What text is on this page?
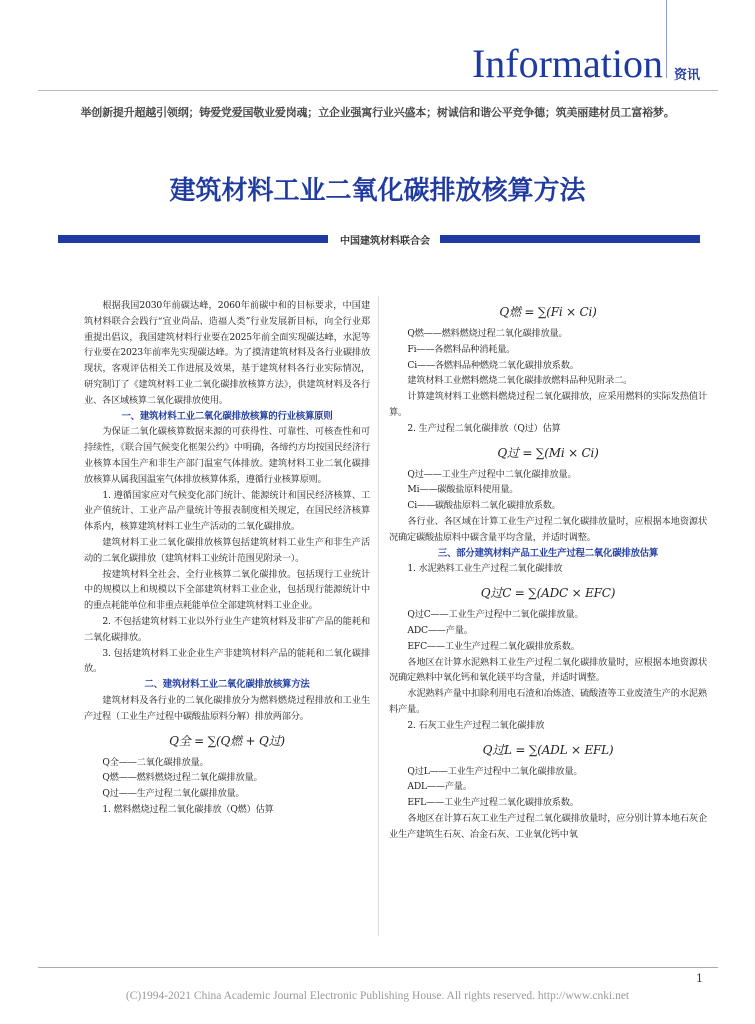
Information 资讯
举创新提升超越引领纲；铸爱党爱国敬业爱岗魂；立企业强寓行业兴盛本；树诚信和谐公平竞争德；筑美丽建材员工富裕梦。
建筑材料工业二氧化碳排放核算方法
中国建筑材料联合会
根据我国2030年前碳达峰，2060年前碳中和的目标要求，中国建筑材料联合会践行“宜业尚品、造福人类”行业发展新目标，向全行业郑重提出倡议，我国建筑材料行业要在2025年前全面实现碳达峰，水泥等行业要在2023年前率先实现碳达峰。为了摸清建筑材料及各行业碳排放现状，客观评估相关工作进展及效果，基于建筑材料各行业实际情况，研究制订了《建筑材料工业二氧化碳排放核算方法》，供建筑材料及各行业、各区域核算二氧化碳排放使用。
一、建筑材料工业二氧化碳排放核算的行业核算原则
为保证二氧化碳核算数据来源的可获得性、可靠性、可核查性和可持续性，《联合国气候变化框架公约》中明确，各缔约方均按国民经济行业核算本国生产和非生产部门温室气体排放。建筑材料工业二氧化碳排放核算从属我国温室气体排放核算体系，遵循行业核算原则。
1. 遵循国家应对气候变化部门统计、能源统计和国民经济核算、工业产值统计、工业产品产量统计等报表制度相关规定，在国民经济核算体系内，核算建筑材料工业生产活动的二氧化碳排放。
建筑材料工业二氧化碳排放核算包括建筑材料工业生产和非生产活动的二氧化碳排放（建筑材料工业统计范围见附录一）。
按建筑材料全社会、全行业核算二氧化碳排放。包括现行工业统计中的规模以上和规模以下全部建筑材料工业企业，包括现行能源统计中的重点耗能单位和非重点耗能单位全部建筑材料工业企业。
2. 不包括建筑材料工业以外行业生产建筑材料及非矿产品的能耗和二氧化碳排放。
3. 包括建筑材料工业企业生产非建筑材料产品的能耗和二氧化碳排放。
二、建筑材料工业二氧化碳排放核算方法
建筑材料及各行业的二氧化碳排放分为燃料燃烧过程排放和工业生产过程（工业生产过程中碳酸盐原料分解）排放两部分。
Q全 = ∑(Q燃 + Q过)
Q全——二氧化碳排放量。
Q燃——燃料燃烧过程二氧化碳排放量。
Q过——生产过程二氧化碳排放量。
1. 燃料燃烧过程二氧化碳排放（Q燃）估算
Q燃 = ∑(Fi × Ci)
Q燃——燃料燃烧过程二氧化碳排放量。
Fi——各燃料品种消耗量。
Ci——各燃料品种燃烧二氧化碳排放系数。
建筑材料工业燃料燃烧二氧化碳排放燃料品种见附录二。
计算建筑材料工业燃料燃烧过程二氧化碳排放，应采用燃料的实际发热值计算。
2. 生产过程二氧化碳排放（Q过）估算
Q过 = ∑(Mi × Ci)
Q过——工业生产过程中二氧化碳排放量。
Mi——碳酸盐原料使用量。
Ci——碳酸盐原料二氧化碳排放系数。
各行业、各区域在计算工业生产过程二氧化碳排放量时，应根据本地资源状况确定碳酸盐原料中碳含量平均含量，并适时调整。
三、部分建筑材料产品工业生产过程二氧化碳排放估算
1. 水泥熟料工业生产过程二氧化碳排放
Q过C = ∑(ADC × EFC)
Q过C——工业生产过程中二氧化碳排放量。
ADC——产量。
EFC——工业生产过程二氧化碳排放系数。
各地区在计算水泥熟料工业生产过程二氧化碳排放量时，应根据本地资源状况确定熟料中氧化钙和氧化镁平均含量，并适时调整。
水泥熟料产量中扣除利用电石渣和冶炼渣、硫酸渣等工业废渣生产的水泥熟料产量。
2. 石灰工业生产过程二氧化碳排放
Q过L = ∑(ADL × EFL)
Q过L——工业生产过程中二氧化碳排放量。
ADL——产量。
EFL——工业生产过程二氧化碳排放系数。
各地区在计算石灰工业生产过程二氧化碳排放量时，应分别计算本地石灰企业生产建筑生石灰、冶金石灰、工业氧化钙中氧
1
(C)1994-2021 China Academic Journal Electronic Publishing House. All rights reserved. http://www.cnki.net
